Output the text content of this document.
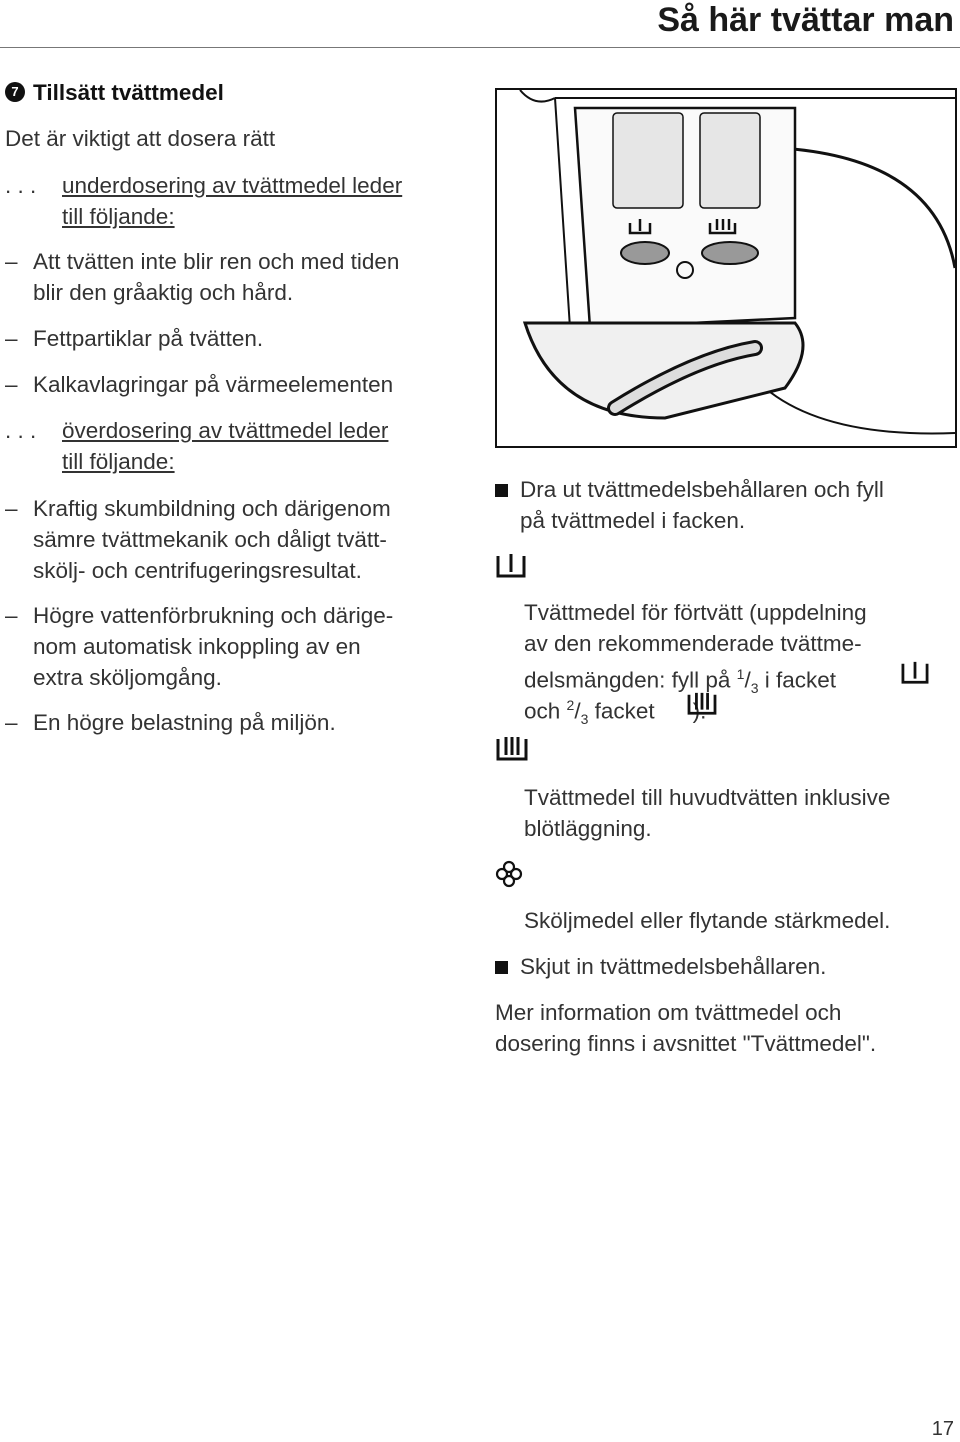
Så här tvättar man
7 Tillsätt tvättmedel
Det är viktigt att dosera rätt
. . . underdosering av tvättmedel leder
till följande:
– Att tvätten inte blir ren och med tiden
blir den gråaktig och hård.
– Fettpartiklar på tvätten.
– Kalkavlagringar på värmeelementen
. . . överdosering av tvättmedel leder
till följande:
– Kraftig skumbildning och därigenom
sämre tvättmekanik och dåligt tvätt-
skölj- och centrifugeringsresultat.
– Högre vattenförbrukning och därige-
nom automatisk inkoppling av en
extra sköljomgång.
– En högre belastning på miljön.
Dra ut tvättmedelsbehållaren och fyll
på tvättmedel i facken.
Tvättmedel för förtvätt (uppdelning
av den rekommenderade tvättme-
delsmängden: fyll på $^1/_3$ i facket
och $^2/_3$ facket ).
Tvättmedel till huvudtvätten inklusive
blötläggning.
Sköljmedel eller flytande stärkmedel.
Skjut in tvättmedelsbehållaren.
Mer information om tvättmedel och
dosering finns i avsnittet "Tvättmedel".
17
